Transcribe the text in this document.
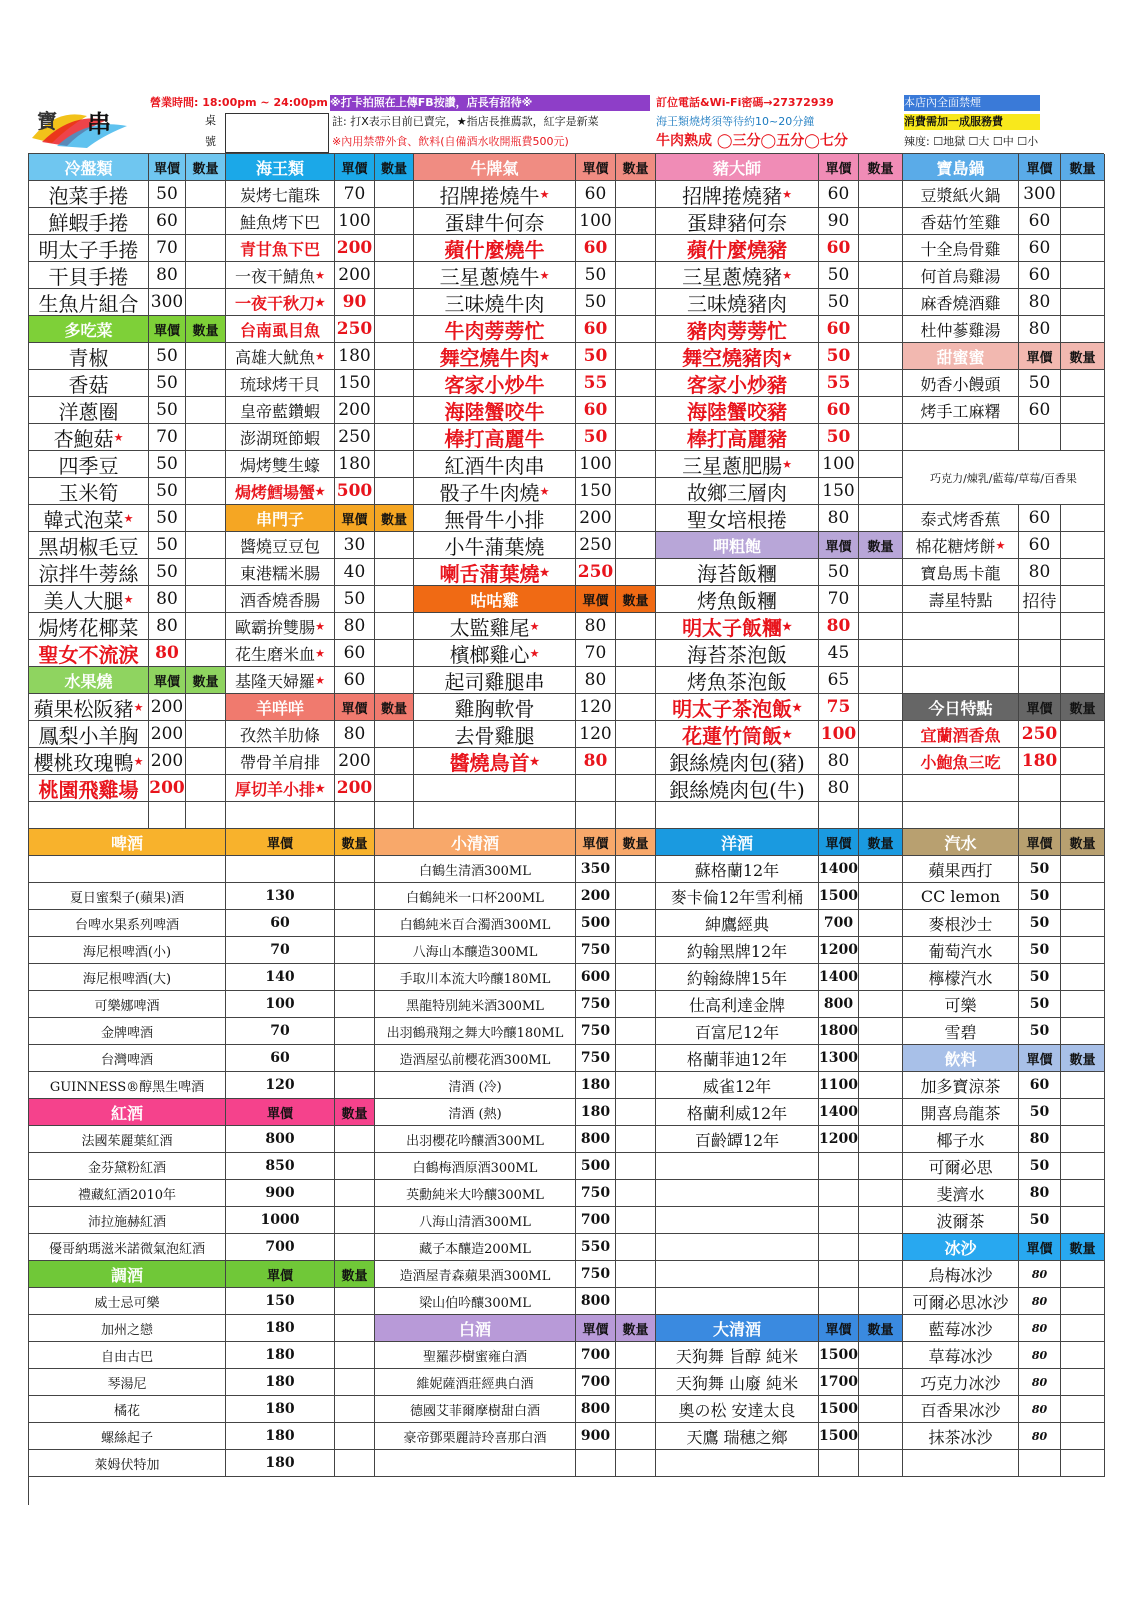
寶 串
營業時間: 18:00pm ~ 24:00pm
桌
號
※打卡拍照在上傳FB按讚，店長有招待※
註: 打X表示目前已賣完，★指店長推薦款，紅字是新菜
※內用禁帶外食、飲料(自備酒水收開瓶費500元)
訂位電話&Wi-Fi密碼→27372939
海王類燒烤須等待約10~20分鐘
牛肉熟成 ◯三分◯五分◯七分
本店內全面禁煙
消費需加一成服務費
辣度: ☐地獄 ☐大 ☐中 ☐小
冷盤類	單價 數量
泡菜手捲	50
鮮蝦手捲	60
明太子手捲	70
干貝手捲	80
生魚片組合 300
多吃菜	單價 數量
青椒	50
香菇	50
洋蔥圈	50
杏鮑菇 ★	70
四季豆	50
玉米筍	50
韓式泡菜 ★	50
黑胡椒毛豆	50
涼拌牛蒡絲	50
美人大腿 ★	80
焗烤花椰菜	80
聖女不流淚 80
水果燒	單價 數量
蘋果松阪豬 ★ 200
鳳梨小羊胸 200
櫻桃玫瑰鴨 ★ 200
桃園飛雞場 200
海王類	單價	數量
炭烤七龍珠	70
鮭魚烤下巴	100
青甘魚下巴 200
一夜干鯖魚 ★ 200
一夜干秋刀 ★	90
台南虱目魚 250
高雄大魷魚 ★ 180
琉球烤干貝	150
皇帝藍鑽蝦	200
澎湖斑節蝦	250
焗烤雙生蠔	180
焗烤鱈場蟹 ★ 500
串門子	單價	數量
醬燒豆豆包	30
東港糯米腸	40
酒香燒香腸	50
歐霸拚雙腸 ★	80
花生磨米血 ★	60
基隆天婦羅 ★	60
羊咩咩	單價	數量
孜然羊肋條	80
帶骨羊肩排	200
厚切羊小排 ★ 200
牛牌氣	單價	數量
招牌捲燒牛 ★	60
蛋肆牛何奈	100
蘋什麼燒牛	60
三星蔥燒牛 ★	50
三味燒牛肉	50
牛肉蒡蒡忙	60
舞空燒牛肉 ★	50
客家小炒牛	55
海陸蟹咬牛	60
棒打高麗牛	50
紅酒牛肉串	100
骰子牛肉燒 ★ 150
無骨牛小排	200
小牛蒲葉燒	250
喇舌蒲葉燒 ★ 250
咕咕雞	單價	數量
太監雞尾 ★	80
檳榔雞心 ★	70
起司雞腿串	80
雞胸軟骨	120
去骨雞腿	120
醬燒鳥首 ★	80
豬大師	單價	數量
招牌捲燒豬 ★	60
蛋肆豬何奈	90
蘋什麼燒豬	60
三星蔥燒豬 ★	50
三味燒豬肉	50
豬肉蒡蒡忙	60
舞空燒豬肉 ★	50
客家小炒豬	55
海陸蟹咬豬	60
棒打高麗豬	50
三星蔥肥腸 ★ 100
故鄉三層肉	150
聖女培根捲	80
呷粗飽	單價	數量
海苔飯糰	50
烤魚飯糰	70
明太子飯糰 ★	80
海苔茶泡飯	45
烤魚茶泡飯	65
明太子茶泡飯 ★	75
花蓮竹筒飯 ★ 100
銀絲燒肉包(豬)	80
銀絲燒肉包(牛)	80
寶島鍋	單價	數量
豆漿紙火鍋	300
香菇竹笙雞	60
十全烏骨雞	60
何首烏雞湯	60
麻香燒酒雞	80
杜仲蔘雞湯	80
甜蜜蜜	單價	數量
奶香小饅頭	50
烤手工麻糬	60
巧克力/煉乳/藍莓/草莓/百香果
泰式烤香蕉	60
棉花糖烤餅 ★	60
寶島馬卡龍	80
壽星特點	招待
今日特點	單價	數量
宜蘭酒香魚	250
小鮑魚三吃	180
啤酒	單價	數量
夏日蜜梨子(蘋果)酒	130
台啤水果系列啤酒	60
海尼根啤酒(小)	70
海尼根啤酒(大)	140
可樂娜啤酒	100
金牌啤酒	70
台灣啤酒	60
GUINNESS®醇黑生啤酒	120
紅酒	單價	數量
法國茱麗葉紅酒	800
金芬黛粉紅酒	850
禮藏紅酒2010年	900
沛拉施赫紅酒	1000
優哥納瑪滋米諾微氣泡紅酒	700
調酒	單價	數量
威士忌可樂	150
加州之戀	180
自由古巴	180
琴湯尼	180
橘花	180
螺絲起子	180
萊姆伏特加	180
小清酒	單價	數量
白鶴生清酒300ML	350
白鶴純米一口杯200ML	200
白鶴純米百合濁酒300ML	500
八海山本釀造300ML	750
手取川本流大吟釀180ML	600
黑龍特別純米酒300ML	750
出羽鶴飛翔之舞大吟釀180ML	750
造酒屋弘前櫻花酒300ML	750
清酒 (冷)	180
清酒 (熱)	180
出羽櫻花吟釀酒300ML	800
白鶴梅酒原酒300ML	500
英勳純米大吟釀300ML	750
八海山清酒300ML	700
藏子本釀造200ML	550
造酒屋青森蘋果酒300ML	750
梁山伯吟釀300ML	800
白酒	單價	數量
聖羅莎樹蜜雍白酒	700
維妮薩酒莊經典白酒	700
德國艾菲爾摩樹甜白酒	800
豪帝鄧栗麗詩玲喜那白酒	900
洋酒	單價	數量
蘇格蘭12年	1400
麥卡倫12年雪利桶	1500
紳鷹經典	700
約翰黑牌12年	1200
約翰綠牌15年	1400
仕高利達金牌	800
百富尼12年	1800
格蘭菲迪12年	1300
威雀12年	1100
格蘭利威12年	1400
百齡罈12年	1200
大清酒	單價	數量
天狗舞 旨醇 純米	1500
天狗舞 山廢 純米	1700
奧の松 安達太良	1500
天鷹 瑞穗之鄉	1500
汽水	單價	數量
蘋果西打	50
CC lemon	50
麥根沙士	50
葡萄汽水	50
檸檬汽水	50
可樂	50
雪碧	50
飲料	單價	數量
加多寶涼茶	60
開喜烏龍茶	50
椰子水	80
可爾必思	50
斐濟水	80
波爾茶	50
冰沙	單價	數量
烏梅冰沙	80
可爾必思冰沙	80
藍莓冰沙	80
草莓冰沙	80
巧克力冰沙	80
百香果冰沙	80
抹茶冰沙	80
